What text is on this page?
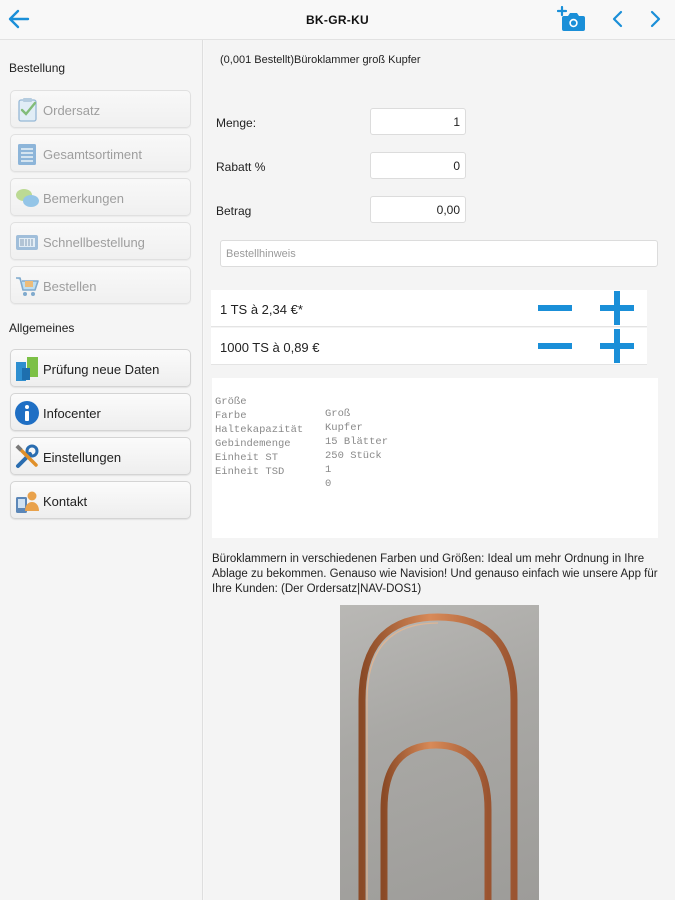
BK-GR-KU
Bestellung
Ordersatz
Gesamtsortiment
Bemerkungen
Schnellbestellung
Bestellen
Allgemeines
Prüfung neue Daten
Infocenter
Einstellungen
Kontakt
(0,001 Bestellt)Büroklammer groß Kupfer
Menge:
1
Rabatt %
0
Betrag
0,00
Bestellhinweis
1 TS à 2,34 €*
1000 TS à 0,89 €

Größe

Groß

Farbe

Kupfer

Haltekapazität

15 Blätter

Gebindemenge

250 Stück

Einheit ST

1

Einheit TSD

0

Büroklammern in verschiedenen Farben und Größen: Ideal um mehr Ordnung in Ihre Ablage zu bekommen. Genauso wie Navision! Und genauso einfach wie unsere App für Ihre Kunden: (Der Ordersatz|NAV-DOS1)
